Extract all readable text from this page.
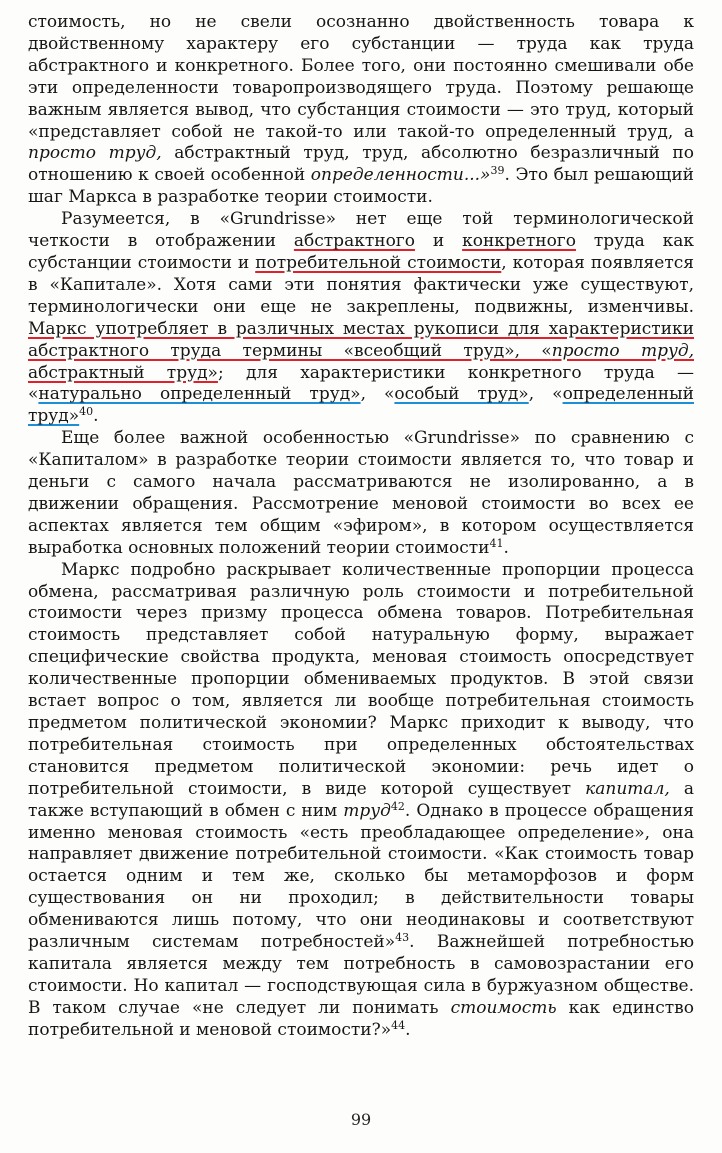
стоимость, но не свели осознанно двойственность товара к двойственному характеру его субстанции — труда как труда абстрактного и конкретного. Более того, они постоянно смешивали обе эти определенности товаропроизводящего труда. Поэтому решающе важным является вывод, что субстанция стоимости — это труд, который «представляет собой не такой-то или такой-то определенный труд, а просто труд, абстрактный труд, труд, абсолютно безразличный по отношению к своей особенной определенности...»$^{39}$. Это был решающий шаг Маркса в разработке теории стоимости.

Разумеется, в «Grundrisse» нет еще той терминологической четкости в отображении абстрактного и конкретного труда как субстанции стоимости и потребительной стоимости, которая появляется в «Капитале». Хотя сами эти понятия фактически уже существуют, терминологически они еще не закреплены, подвижны, изменчивы. Маркс употребляет в различных местах рукописи для характеристики абстрактного труда термины «всеобщий труд», «просто труд, абстрактный труд»; для характеристики конкретного труда — «натурально определенный труд», «особый труд», «определенный труд»$^{40}$.

Еще более важной особенностью «Grundrisse» по сравнению с «Капиталом» в разработке теории стоимости является то, что товар и деньги с самого начала рассматриваются не изолированно, а в движении обращения. Рассмотрение меновой стоимости во всех ее аспектах является тем общим «эфиром», в котором осуществляется выработка основных положений теории стоимости$^{41}$.

Маркс подробно раскрывает количественные пропорции процесса обмена, рассматривая различную роль стоимости и потребительной стоимости через призму процесса обмена товаров. Потребительная стоимость представляет собой натуральную форму, выражает специфические свойства продукта, меновая стоимость опосредствует количественные пропорции обмениваемых продуктов. В этой связи встает вопрос о том, является ли вообще потребительная стоимость предметом политической экономии? Маркс приходит к выводу, что потребительная стоимость при определенных обстоятельствах становится предметом политической экономии: речь идет о потребительной стоимости, в виде которой существует капитал, а также вступающий в обмен с ним труд$^{42}$. Однако в процессе обращения именно меновая стоимость «есть преобладающее определение», она направляет движение потребительной стоимости. «Как стоимость товар остается одним и тем же, сколько бы метаморфозов и форм существования он ни проходил; в действительности товары обмениваются лишь потому, что они неодинаковы и соответствуют различным системам потребностей»$^{43}$. Важнейшей потребностью капитала является между тем потребность в самовозрастании его стоимости. Но капитал — господствующая сила в буржуазном обществе. В таком случае «не следует ли понимать стоимость как единство потребительной и меновой стоимости?»$^{44}$.

99
